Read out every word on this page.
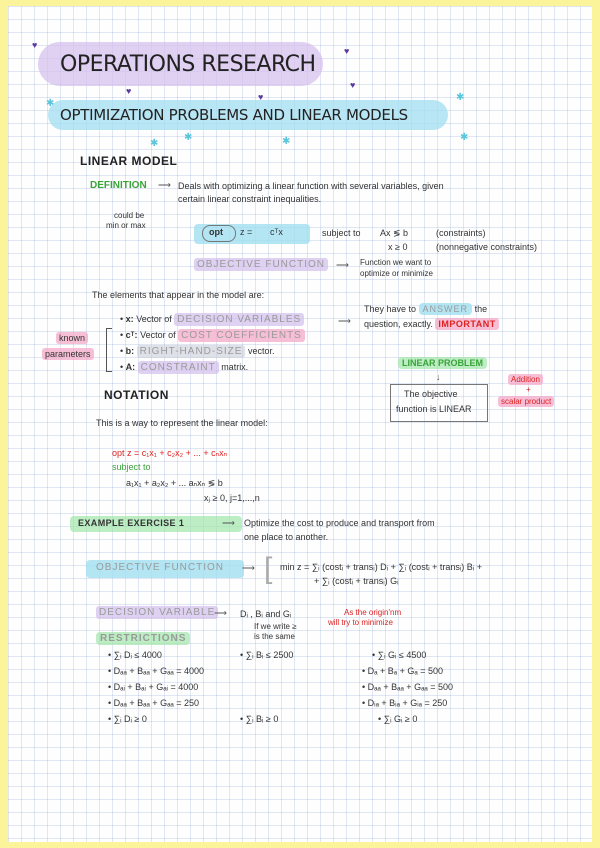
OPERATIONS RESEARCH
OPTIMIZATION PROBLEMS AND LINEAR MODELS
♥
♥
♥
♥
♥
✱
✱
✱
✱
✱	✱
LINEAR MODEL
DEFINITION ⟶ Deals with optimizing a linear function with several variables, given
certain linear constraint inequalities.
could be
min or max
opt z = cᵀx	subject to Ax ≶ b	(constraints)
x ≥ 0	(nonnegative constraints)
OBJECTIVE FUNCTION	⟶ Function we want to
optimize or minimize
The elements that appear in the model are:
• x: Vector of DECISION VARIABLES
• cᵀ: Vector of COST COEFFICIENTS
• b: RIGHT-HAND-SIZE vector.
• A: CONSTRAINT matrix.
known
parameters
⟶
They have to ANSWER the
question, exactly. IMPORTANT
LINEAR PROBLEM
↓
The objective
function is LINEAR
Addition
+
scalar product
NOTATION
This is a way to represent the linear model:
opt z = c₁x₁ + c₂x₂ + ... + cₙxₙ
subject to
a₁x₁ + a₂x₂ + ... aₙxₙ ≶ b
xⱼ ≥ 0, j=1,...,n
EXAMPLE EXERCISE 1	⟶ Optimize the cost to produce and transport from
one place to another.
OBJECTIVE FUNCTION ⟶ [ min z = ∑ᵢ (costᵢ + transᵢ) Dᵢ + ∑ᵢ (costᵢ + transᵢ) Bᵢ +
+ ∑ᵢ (costᵢ + transᵢ) Gᵢ
DECISION VARIABLE
⟶ Dᵢ , Bᵢ and Gᵢ	As the origin'nm
will try to minimize
If we write ≥
is the same
RESTRICTIONS
• ∑ᵢ Dᵢ ≤ 4000
• Dₐₐ + Bₐₐ + Gₐₐ = 4000
• Dₐᵢ + Bₐᵢ + Gₐᵢ = 4000
• Dₐₐ + Bₐₐ + Gₐₐ = 250
• ∑ᵢ Dᵢ ≥ 0
• ∑ᵢ Bᵢ ≤ 2500
• ∑ᵢ Bᵢ ≥ 0
• ∑ᵢ Gᵢ ≤ 4500
• Dₐ + Bₐ + Gₐ = 500
• Dₐₐ + Bₐₐ + Gₐₐ = 500
• Dᵢₐ + Bᵢₐ + Gᵢₐ = 250
• ∑ᵢ Gᵢ ≥ 0
